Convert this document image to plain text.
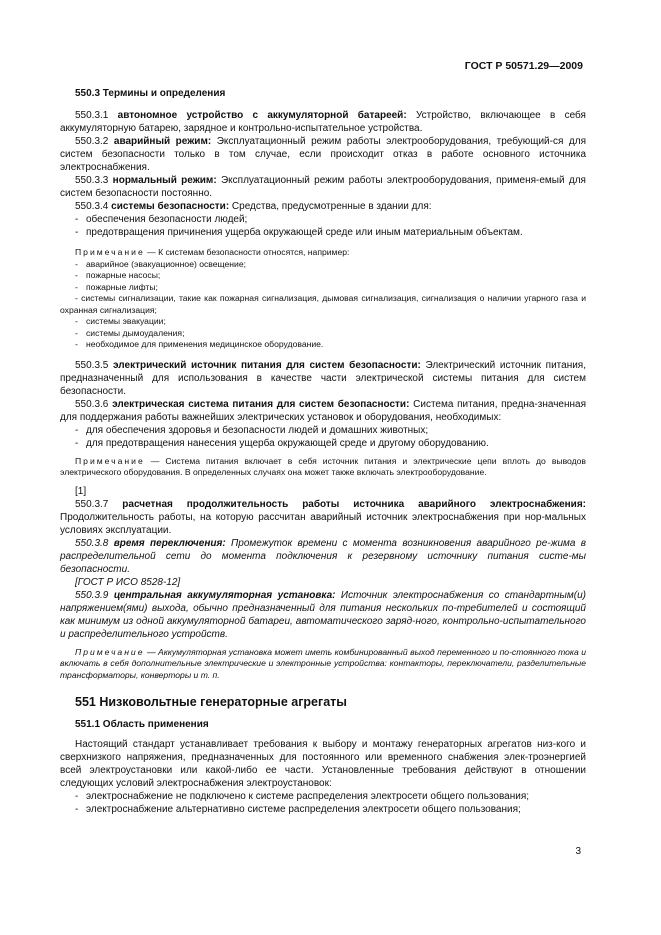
ГОСТ Р 50571.29—2009

550.3 Термины и определения

550.3.1 автономное устройство с аккумуляторной батареей: Устройство, включающее в себя аккумуляторную батарею, зарядное и контрольно-испытательное устройства.

550.3.2 аварийный режим: Эксплуатационный режим работы электрооборудования, требующий-ся для систем безопасности только в том случае, если происходит отказ в работе основного источника электроснабжения.

550.3.3 нормальный режим: Эксплуатационный режим работы электрооборудования, применя-емый для систем безопасности постоянно.

550.3.4 системы безопасности: Средства, предусмотренные в здании для:

- обеспечения безопасности людей;

- предотвращения причинения ущерба окружающей среде или иным материальным объектам.

Примечание — К системам безопасности относятся, например:

- аварийное (эвакуационное) освещение;

- пожарные насосы;

- пожарные лифты;

- системы сигнализации, такие как пожарная сигнализация, дымовая сигнализация, сигнализация о наличии угарного газа и охранная сигнализация;

- системы эвакуации;

- системы дымоудаления;

- необходимое для применения медицинское оборудование.

550.3.5 электрический источник питания для систем безопасности: Электрический источник питания, предназначенный для использования в качестве части электрической системы питания для систем безопасности.

550.3.6 электрическая система питания для систем безопасности: Система питания, предна-значенная для поддержания работы важнейших электрических установок и оборудования, необходимых:

- для обеспечения здоровья и безопасности людей и домашних животных;

- для предотвращения нанесения ущерба окружающей среде и другому оборудованию.

Примечание — Система питания включает в себя источник питания и электрические цепи вплоть до выводов электрического оборудования. В определенных случаях она может также включать электрооборудование.

[1]

550.3.7 расчетная продолжительность работы источника аварийного электроснабжения: Продолжительность работы, на которую рассчитан аварийный источник электроснабжения при нор-мальных условиях эксплуатации.

550.3.8 время переключения: Промежуток времени с момента возникновения аварийного ре-жима в распределительной сети до момента подключения к резервному источнику питания систе-мы безопасности.

[ГОСТ Р ИСО 8528-12]

550.3.9 центральная аккумуляторная установка: Источник электроснабжения со стандартным(и) напряжением(ями) выхода, обычно предназначенный для питания нескольких по-требителей и состоящий как минимум из одной аккумуляторной батареи, автоматического заряд-ного, контрольно-испытательного и распределительного устройств.

Примечание — Аккумуляторная установка может иметь комбинированный выход переменного и по-стоянного тока и включать в себя дополнительные электрические и электронные устройства: контакторы, переключатели, разделительные трансформаторы, конверторы и т. п.

551 Низковольтные генераторные агрегаты

551.1 Область применения

Настоящий стандарт устанавливает требования к выбору и монтажу генераторных агрегатов низ-кого и сверхнизкого напряжения, предназначенных для постоянного или временного снабжения элек-троэнергией всей электроустановки или какой-либо ее части. Установленные требования действуют в отношении следующих условий электроснабжения электроустановок:

- электроснабжение не подключено к системе распределения электросети общего пользования;

- электроснабжение альтернативно системе распределения электросети общего пользования;

3
